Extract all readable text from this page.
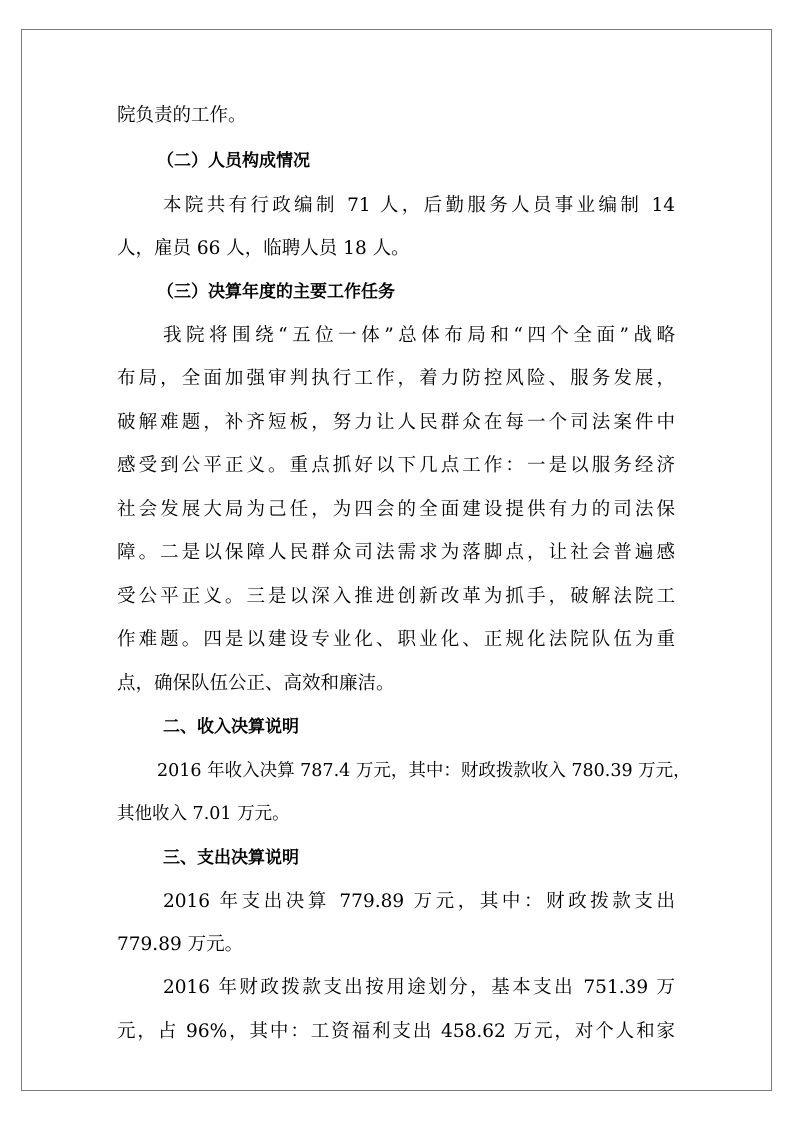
院负责的工作。
（二）人员构成情况
本院共有行政编制 71 人，后勤服务人员事业编制 14
人，雇员 66 人，临聘人员 18 人。
（三）决算年度的主要工作任务
我院将围绕“五位一体”总体布局和“四个全面”战略
布局，全面加强审判执行工作，着力防控风险、服务发展，
破解难题，补齐短板，努力让人民群众在每一个司法案件中
感受到公平正义。重点抓好以下几点工作：一是以服务经济
社会发展大局为己任，为四会的全面建设提供有力的司法保
障。二是以保障人民群众司法需求为落脚点，让社会普遍感
受公平正义。三是以深入推进创新改革为抓手，破解法院工
作难题。四是以建设专业化、职业化、正规化法院队伍为重
点，确保队伍公正、高效和廉洁。
二、收入决算说明
2016 年收入决算 787.4 万元，其中：财政拨款收入 780.39 万元，
其他收入 7.01 万元。
三、支出决算说明
2016 年支出决算 779.89 万元，其中：财政拨款支出
779.89 万元。
2016 年财政拨款支出按用途划分，基本支出 751.39 万
元，占 96%，其中：工资福利支出 458.62 万元，对个人和家
